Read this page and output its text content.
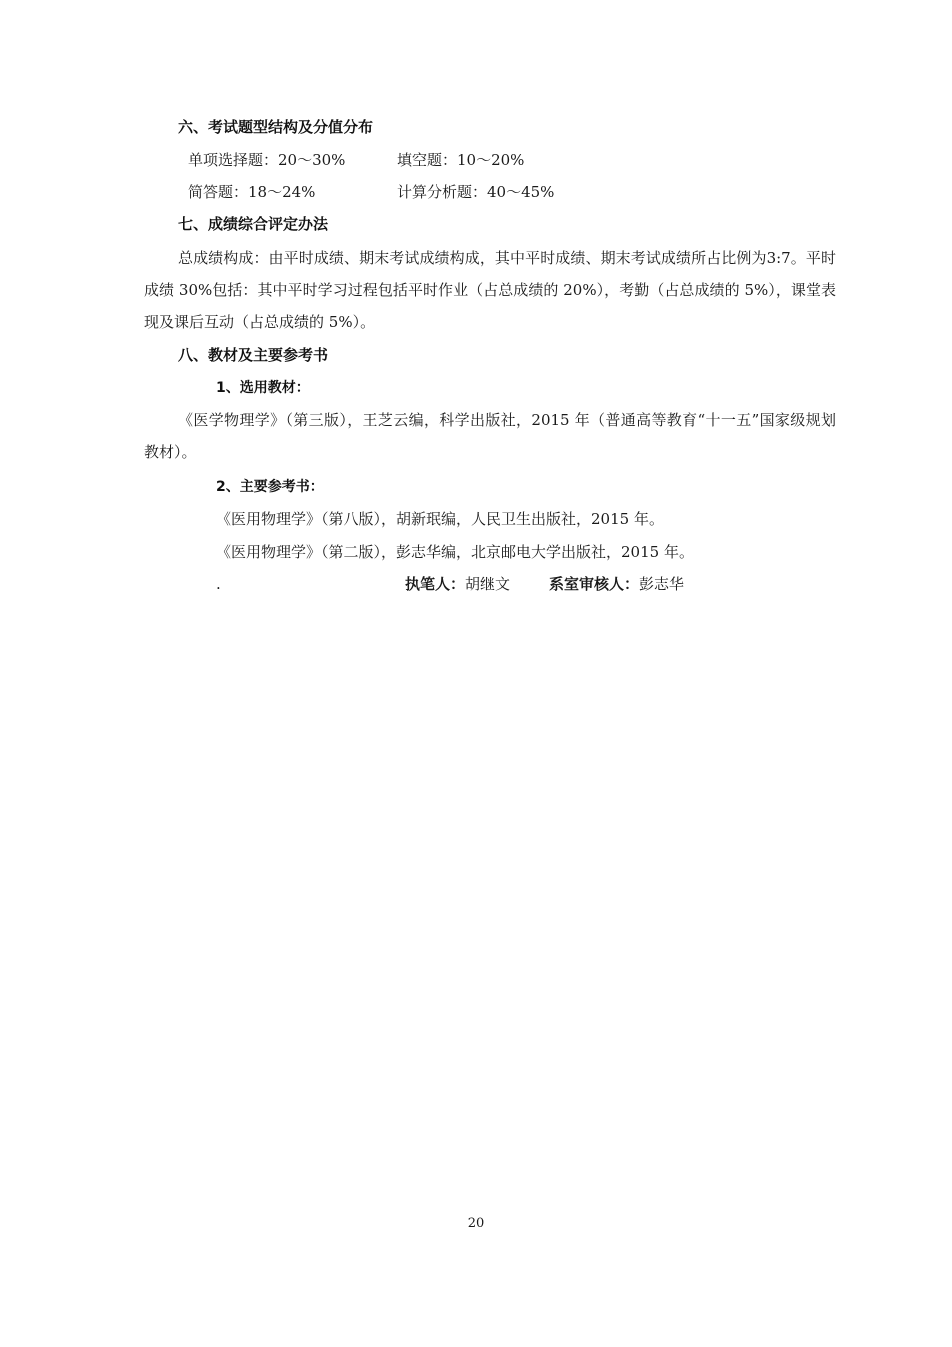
六、考试题型结构及分值分布
单项选择题：20～30%	填空题：10～20%
简答题：18～24%	计算分析题：40～45%
七、成绩综合评定办法
总成绩构成：由平时成绩、期末考试成绩构成，其中平时成绩、期末考试成绩所占比例为3:7。平时成绩 30%包括：其中平时学习过程包括平时作业（占总成绩的 20%），考勤（占总成绩的 5%），课堂表现及课后互动（占总成绩的 5%）。
八、教材及主要参考书
1、选用教材：
《医学物理学》（第三版），王芝云编，科学出版社，2015 年（普通高等教育“十一五”国家级规划教材）。
2、主要参考书：
《医用物理学》（第八版），胡新珉编，人民卫生出版社，2015 年。
《医用物理学》（第二版），彭志华编，北京邮电大学出版社，2015 年。
.	执笔人：胡继文	系室审核人：彭志华
20
